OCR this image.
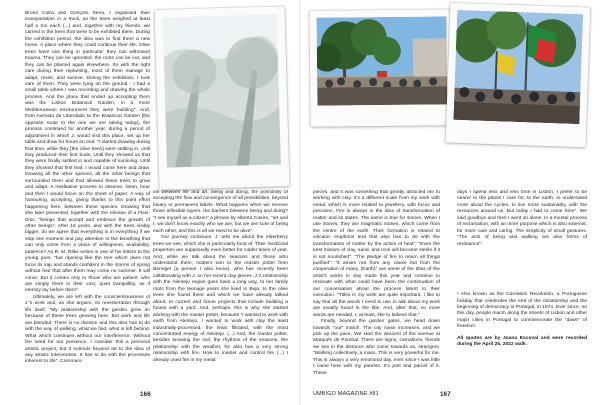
Bruno Cidra and Gonçalo Sena. I organised their transportation in a truck, as the trees weighed at least half a ton each (...) and, together with my friends, we carried in the trees that were to be exhibited there. During the exhibition period, the idea was to find them a new home. A place where they could continue their life. Olive trees have one thing in particular: they can withstand trauma. They can be uprooted, the roots can be cut, and they can be planted again elsewhere. So with the right care during their replanting, most of them manage to adapt, resist, and survive. During the exhibition, I took care of them. They were lying on the ground - I had a small table where I was recording and drawing the whole process. And the place that ended up accepting them was the Lisbon Botanical Garden, in a more Mediterranean environment they were building". And, from Avenida da Liberdade to the Botanical Garden [the opposite route to the one we are taking today], the process continued for another year, during a period of adjustment in which J. would visit this place, set up her table and draw for hours on end. "I started drawing during that time, while they [the olive trees] were settling in, until they produced their first buds. Until they showed us that they were finally settled in and capable of surviving. Until they showed that first leaf, I would come here and draw. Drawing all the other species, all the other beings that surrounded them and that allowed these trees to grow and adapt. A meditative process to observe, listen, hear and then I would focus on the sheet of paper. A way of honouring, accepting, giving thanks to this point effort happening here, between these species. Drawing that she later presented, together with the release of a Flexi-Disc: "beings that accept and embrace the growth of other beings". After 15 years, and with the trees visibly bigger, do we agree that everything is in everything if we stop one moment and pay attention to the breathing that can only come from a place of willingness, availability, patience? As R. M. Rilke writes in one of his letters to the young poet, "but ripening like the tree which does not force its sap and stands confident in the storms of spring without fear that after them may come no summer. It will come. But it comes only to those who are patient, who are simply there in their vast, quiet tranquillity, as if eternity lay before them".

Ultimately, we are left with the conscientiousness of J.'s work and, as she argues, its reverberation through life itself. "My relationship with the garden grew on because of these trees growing here. But work and life are blended. There is no division and this also has to do with the way of walking, what we find, what is left behind. What which continues without our interference. Without the need for our presence. I consider this a personal artistic project, but it extends beyond art to the idea of any artistic intervention. It has to do with the processes inherent to life". Communi-

ion between life and art, being and doing, the possibility of accepting the flow and convergence of all possibilities, beyond binary or permanent labels. What happens when we remove those inflexible layers, the barriers between being and doing? "I see myself as a citizen" a phrase by Alberto Caeiro, "art and I, we don't know exactly who we are, but we are sure of being each other, and this is all we need to be alive".

Our journey continues. J. tells me about the elderberry trees we see, which she is particularly fond of. Their medicinal properties are supposedly even better for colder times of year. And, while we talk about the seasons and those who understand them, matters turn to the master potter from Beringel (a person I also know), who has recently been collaborating with J. on her recent clay pieces. J.'s relationship with the Alentejo region goes back a long way, to her family roots from the teenage years she lived in Beja, to the olive trees she found there and which we have already talked about, to current and future projects that include building a house with a yard. And, perhaps, this is why she started working with the master potter, because "I wanted to work with earth from Alentejo. I wanted to work with clay the least industrially-processed, the least filtrated, with the most concentrated energy of Alentejo. (...) And, the master potter, besides knowing the soil, the rhythms of the seasons, the relationship with the weather, he also has a very strong relationship with fire. How to master and control fire (...) I already used fire in my metal

166

pieces, and it was something that greatly attracted me to working with clay. It's a different scale from my work with metal, which is more related to jewellery, with focus and precision. Fire is always in the idea of transformation of matter and its states. The same is true for stones. When I use stones, they are magmatic stones, which come from the centre of the earth. Their formation is related to volcanic eruptions and that also has to do with the transformation of matter by the action of heat". "Even the best mixture of clay, sand, and rock will become sterile if it is not nourished". "The pledge of fire to return all things purified": "it arises not from any cause but from the cooperation of many, (Earth)" are some of the titles of the artist's works in clay made this year and continue to resonate with what could have been the continuation of our conversation about the process latent to their execution. "Titles in my work are quite important. I like to say that all the words I need to use to talk about my work are usually found in the title. And, after that, no more words are needed. I, at least, like to believe that."

Finally, beyond the garden gates, we head down towards "our" march. The city noise increases, and we pick up the pace. We start the descent of the avenue at Marquês de Pombal. There are signs, carnations, friends we see in the distance who come towards us, strangers. "Walking collectively, a mass. This is very powerful for me. This is always a very emotional day, ever since I was little I came here with my parents. It's part and parcel of it. These

days I spend less and less time in Lisbon, I prefer to be nearer to the plants I care for, to the earth, to understand more about the cycles, to live more sustainably, with the resources around us. But today I had to come here". We said goodbye and then I went on alone. In a mental process of reclamation, with an inner purpose which is also external, for more care and caring. The simplicity of small gestures. "The acts of being and walking are also forms of resistance".

¹ Also known as the Carnation Revolution, a Portuguese holiday that celebrates the end of the dictatorship and the beginning of democracy in Portugal, in 1974. Ever since, on this day, people march along the streets of Lisbon and other major cities in Portugal to commemorate the "dawn" of freedom.

All quotes are by Joana Escoval and were recorded during the April 25, 2022 walk.

UMBIGO MAGAZINE #81	167
